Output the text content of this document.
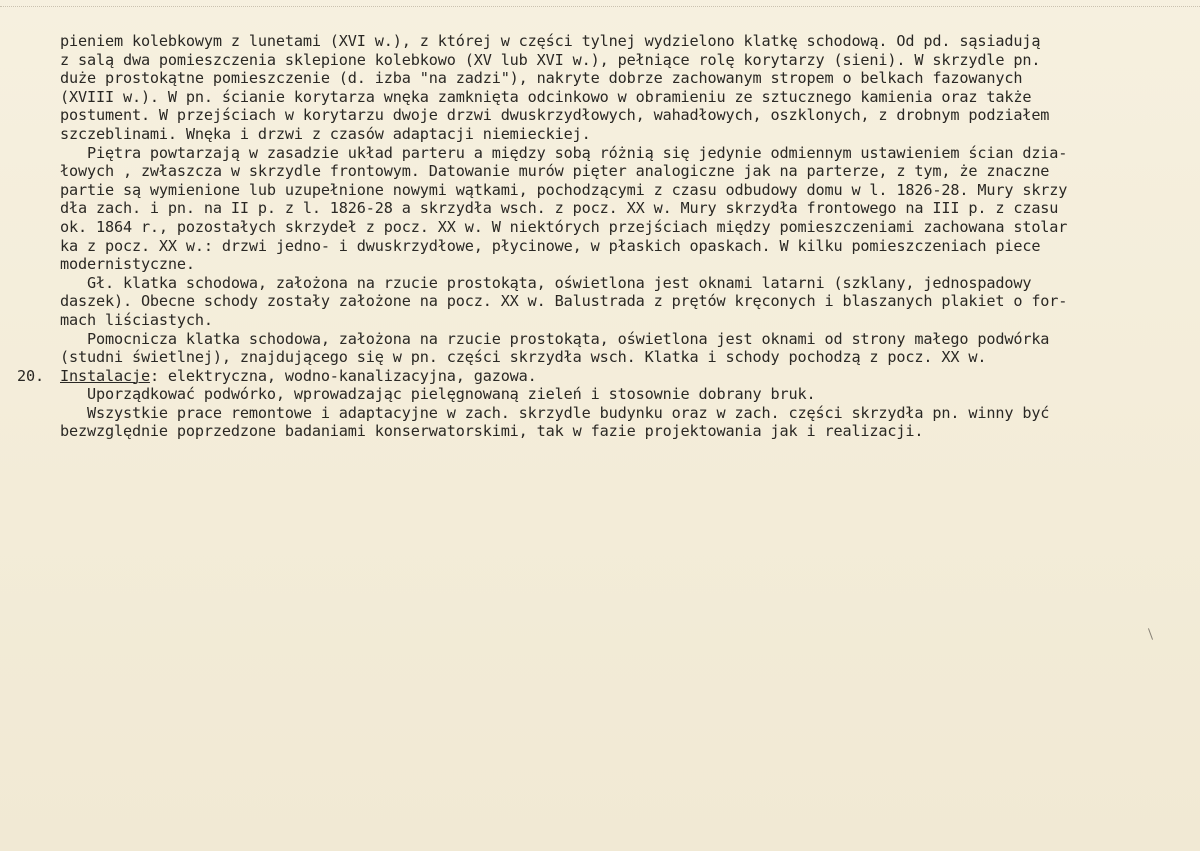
pieniem kolebkowym z lunetami (XVI w.), z której w części tylnej wydzielono klatkę schodową. Od pd. sąsiadują
z salą dwa pomieszczenia sklepione kolebkowo (XV lub XVI w.), pełniące rolę korytarzy (sieni). W skrzydle pn.
duże prostokątne pomieszczenie (d. izba "na zadzi"), nakryte dobrze zachowanym stropem o belkach fazowanych
(XVIII w.). W pn. ścianie korytarza wnęka zamknięta odcinkowo w obramieniu ze sztucznego kamienia oraz także
postument. W przejściach w korytarzu dwoje drzwi dwuskrzydłowych, wahadłowych, oszklonych, z drobnym podziałem
szczeblinami. Wnęka i drzwi z czasów adaptacji niemieckiej.
Piętra powtarzają w zasadzie układ parteru a między sobą różnią się jedynie odmiennym ustawieniem ścian dzia-
łowych , zwłaszcza w skrzydle frontowym. Datowanie murów pięter analogiczne jak na parterze, z tym, że znaczne
partie są wymienione lub uzupełnione nowymi wątkami, pochodzącymi z czasu odbudowy domu w l. 1826-28. Mury skrzy
dła zach. i pn. na II p. z l. 1826-28 a skrzydła wsch. z pocz. XX w. Mury skrzydła frontowego na III p. z czasu
ok. 1864 r., pozostałych skrzydeł z pocz. XX w. W niektórych przejściach między pomieszczeniami zachowana stolar
ka z pocz. XX w.: drzwi jedno- i dwuskrzydłowe, płycinowe, w płaskich opaskach. W kilku pomieszczeniach piece
modernistyczne.
Gł. klatka schodowa, założona na rzucie prostokąta, oświetlona jest oknami latarni (szklany, jednospadowy
daszek). Obecne schody zostały założone na pocz. XX w. Balustrada z prętów kręconych i blaszanych plakiet o for-
mach liściastych.
Pomocnicza klatka schodowa, założona na rzucie prostokąta, oświetlona jest oknami od strony małego podwórka
(studni świetlnej), znajdującego się w pn. części skrzydła wsch. Klatka i schody pochodzą z pocz. XX w.
Instalacje: elektryczna, wodno-kanalizacyjna, gazowa.
Uporządkować podwórko, wprowadzając pielęgnowaną zieleń i stosownie dobrany bruk.
Wszystkie prace remontowe i adaptacyjne w zach. skrzydle budynku oraz w zach. części skrzydła pn. winny być
bezwzględnie poprzedzone badaniami konserwatorskimi, tak w fazie projektowania jak i realizacji.
20.
